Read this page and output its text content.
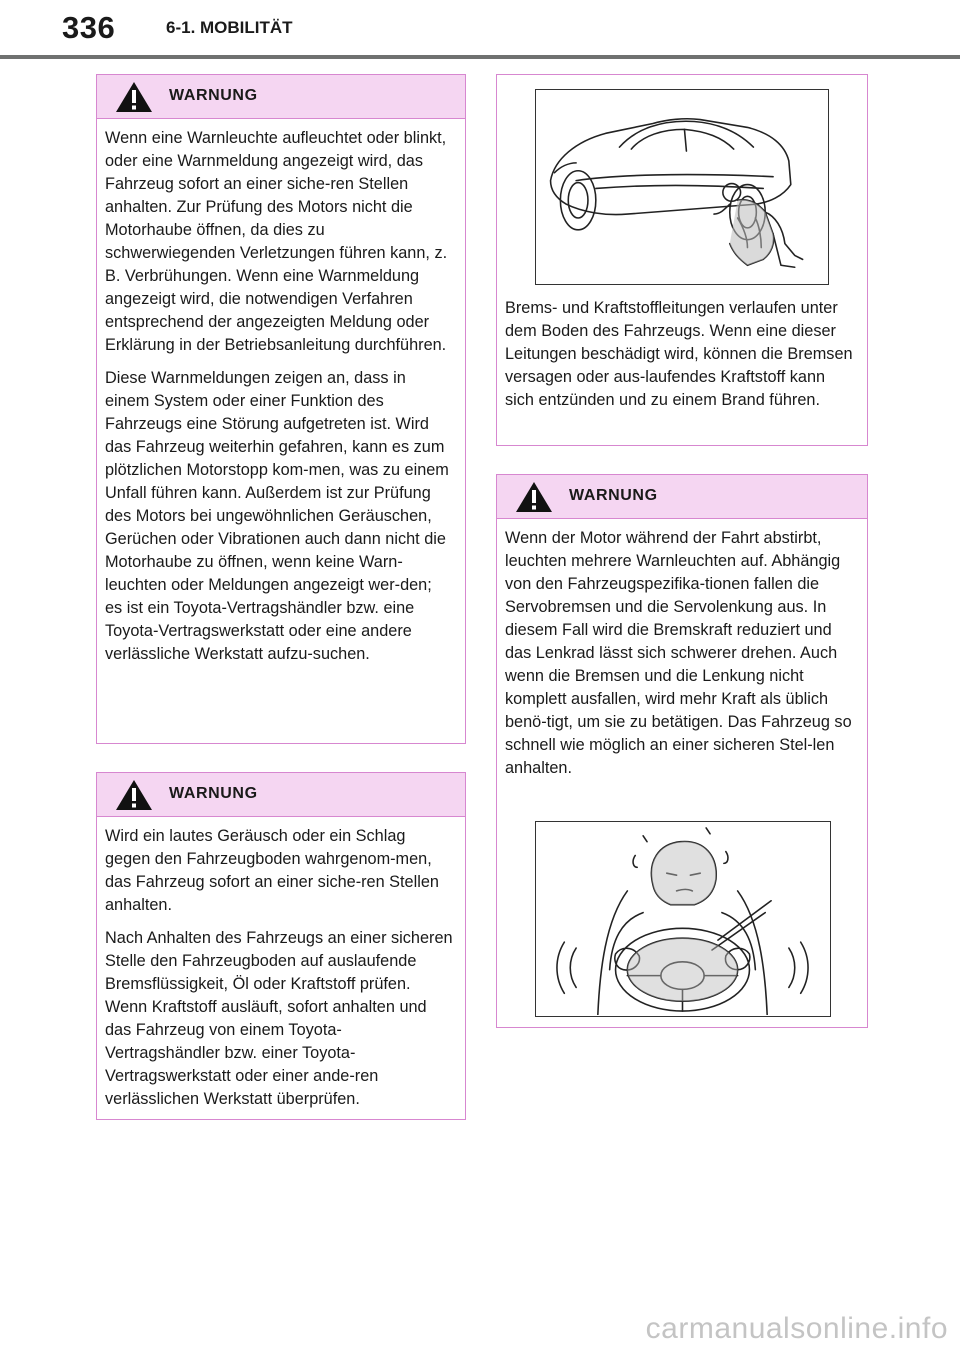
336	6-1. MOBILITÄT
WARNUNG

Wenn eine Warnleuchte aufleuchtet oder blinkt, oder eine Warnmeldung angezeigt wird, das Fahrzeug sofort an einer siche-ren Stellen anhalten. Zur Prüfung des Motors nicht die Motorhaube öffnen, da dies zu schwerwiegenden Verletzungen führen kann, z. B. Verbrühungen. Wenn eine Warnmeldung angezeigt wird, die notwendigen Verfahren entsprechend der angezeigten Meldung oder Erklärung in der Betriebsanleitung durchführen.

Diese Warnmeldungen zeigen an, dass in einem System oder einer Funktion des Fahrzeugs eine Störung aufgetreten ist. Wird das Fahrzeug weiterhin gefahren, kann es zum plötzlichen Motorstopp kom-men, was zu einem Unfall führen kann. Außerdem ist zur Prüfung des Motors bei ungewöhnlichen Geräuschen, Gerüchen oder Vibrationen auch dann nicht die Motorhaube zu öffnen, wenn keine Warn-leuchten oder Meldungen angezeigt wer-den; es ist ein Toyota-Vertragshändler bzw. eine Toyota-Vertragswerkstatt oder eine andere verlässliche Werkstatt aufzu-suchen.

WARNUNG

Wird ein lautes Geräusch oder ein Schlag gegen den Fahrzeugboden wahrgenom-men, das Fahrzeug sofort an einer siche-ren Stellen anhalten.

Nach Anhalten des Fahrzeugs an einer sicheren Stelle den Fahrzeugboden auf auslaufende Bremsflüssigkeit, Öl oder Kraftstoff prüfen. Wenn Kraftstoff ausläuft, sofort anhalten und das Fahrzeug von einem Toyota-Vertragshändler bzw. einer Toyota-Vertragswerkstatt oder einer ande-ren verlässlichen Werkstatt überprüfen.

Brems- und Kraftstoffleitungen verlaufen unter dem Boden des Fahrzeugs. Wenn eine dieser Leitungen beschädigt wird, können die Bremsen versagen oder aus-laufendes Kraftstoff kann sich entzünden und zu einem Brand führen.

WARNUNG

Wenn der Motor während der Fahrt abstirbt, leuchten mehrere Warnleuchten auf. Abhängig von den Fahrzeugspezifika-tionen fallen die Servobremsen und die Servolenkung aus. In diesem Fall wird die Bremskraft reduziert und das Lenkrad lässt sich schwerer drehen. Auch wenn die Bremsen und die Lenkung nicht komplett ausfallen, wird mehr Kraft als üblich benö-tigt, um sie zu betätigen. Das Fahrzeug so schnell wie möglich an einer sicheren Stel-len anhalten.

carmanualsonline.info
